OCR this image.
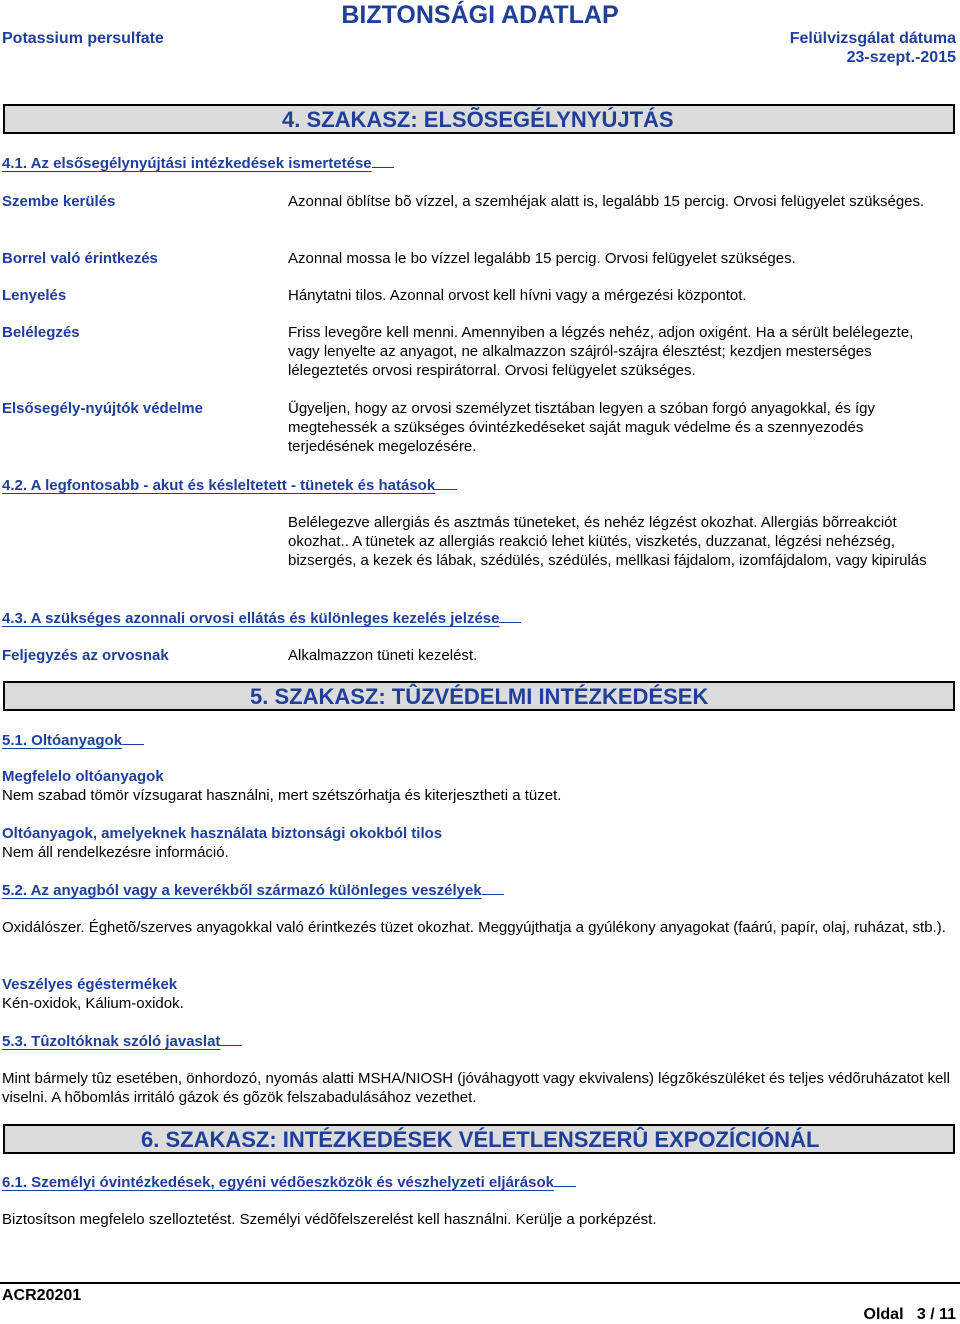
BIZTONSÁGI ADATLAP
Potassium persulfate	Felülvizsgálat dátuma
23-szept.-2015
4. SZAKASZ: ELSÕSEGÉLYNYÚJTÁS
4.1. Az elsősegélynyújtási intézkedések ismertetése
Szembe kerülés	Azonnal öblítse bõ vízzel, a szemhéjak alatt is, legalább 15 percig. Orvosi felügyelet szükséges.
Borrel való érintkezés	Azonnal mossa le bo vízzel legalább 15 percig. Orvosi felügyelet szükséges.
Lenyelés	Hánytatni tilos. Azonnal orvost kell hívni vagy a mérgezési központot.
Belélegzés	Friss levegõre kell menni. Amennyiben a légzés nehéz, adjon oxigént. Ha a sérült belélegezte, vagy lenyelte az anyagot, ne alkalmazzon szájról-szájra élesztést; kezdjen mesterséges lélegeztetés orvosi respirátorral. Orvosi felügyelet szükséges.
Elsősegély-nyújtók védelme	Ügyeljen, hogy az orvosi személyzet tisztában legyen a szóban forgó anyagokkal, és így megtehessék a szükséges óvintézkedéseket saját maguk védelme és a szennyezodés terjedésének megelozésére.
4.2. A legfontosabb - akut és késleltetett - tünetek és hatások
Belélegezve allergiás és asztmás tüneteket, és nehéz légzést okozhat. Allergiás bõrreakciót okozhat.. A tünetek az allergiás reakció lehet kiütés, viszketés, duzzanat, légzési nehézség, bizsergés, a kezek és lábak, szédülés, szédülés, mellkasi fájdalom, izomfájdalom, vagy kipirulás
4.3. A szükséges azonnali orvosi ellátás és különleges kezelés jelzése
Feljegyzés az orvosnak	Alkalmazzon tüneti kezelést.
5. SZAKASZ: TÛZVÉDELMI INTÉZKEDÉSEK
5.1. Oltóanyagok
Megfelelo oltóanyagok
Nem szabad tömör vízsugarat használni, mert szétszórhatja és kiterjesztheti a tüzet.
Oltóanyagok, amelyeknek használata biztonsági okokból tilos
Nem áll rendelkezésre információ.
5.2. Az anyagból vagy a keverékből származó különleges veszélyek
Oxidálószer. Éghetõ/szerves anyagokkal való érintkezés tüzet okozhat. Meggyújthatja a gyúlékony anyagokat (faárú, papír, olaj, ruházat, stb.).
Veszélyes égéstermékek
Kén-oxidok, Kálium-oxidok.
5.3. Tûzoltóknak szóló javaslat
Mint bármely tûz esetében, önhordozó, nyomás alatti MSHA/NIOSH (jóváhagyott vagy ekvivalens) légzõkészüléket és teljes védõruházatot kell viselni. A hõbomlás irritáló gázok és gõzök felszabadulásához vezethet.
6. SZAKASZ: INTÉZKEDÉSEK VÉLETLENSZERÛ EXPOZÍCIÓNÁL
6.1. Személyi óvintézkedések, egyéni védõeszközök és vészhelyzeti eljárások
Biztosítson megfelelo szelloztetést. Személyi védõfelszerelést kell használni. Kerülje a porképzést.
ACR20201
Oldal   3 / 11
